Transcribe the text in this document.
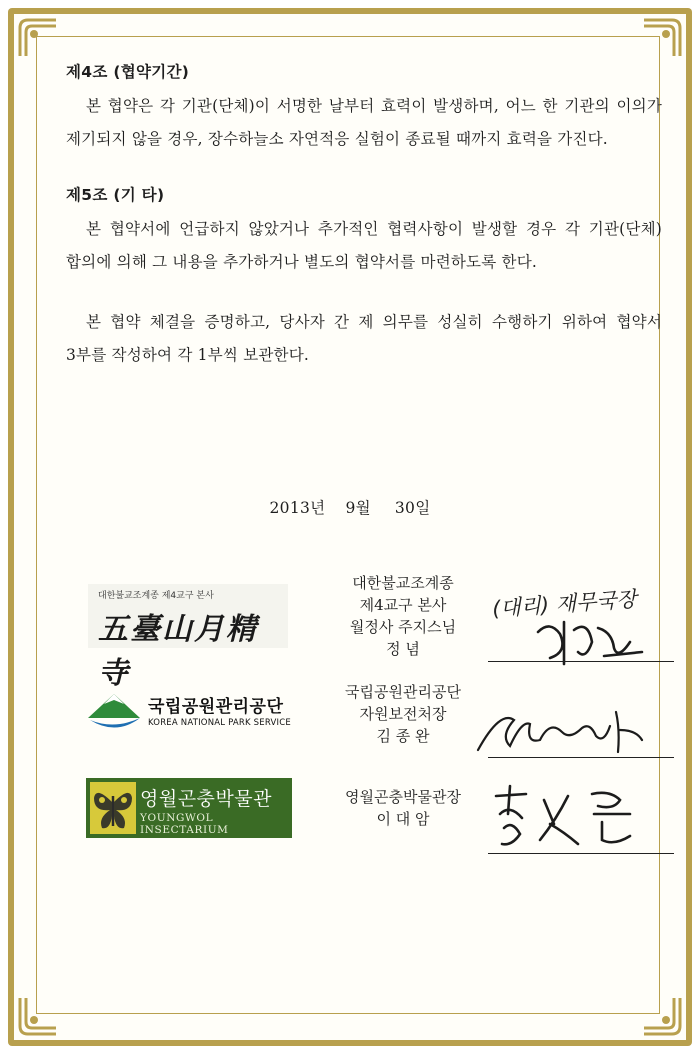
제4조 (협약기간)

본 협약은 각 기관(단체)이 서명한 날부터 효력이 발생하며, 어느 한 기관의 이의가 제기되지 않을 경우, 장수하늘소 자연적응 실험이 종료될 때까지 효력을 가진다.

제5조 (기 타)

본 협약서에 언급하지 않았거나 추가적인 협력사항이 발생할 경우 각 기관(단체) 합의에 의해 그 내용을 추가하거나 별도의 협약서를 마련하도록 한다.

본 협약 체결을 증명하고, 당사자 간 제 의무를 성실히 수행하기 위하여 협약서 3부를 작성하여 각 1부씩 보관한다.

2013년 9월 30일
대한불교조계종 제4교구 본사
五臺山月精寺
대한불교조계종
제4교구 본사
월정사 주지스님
정 념
(대리) 재무국장
국립공원관리공단
KOREA NATIONAL PARK SERVICE
국립공원관리공단
자원보전처장
김 종 완
영월곤충박물관
YOUNGWOL INSECTARIUM
영월곤충박물관장
이 대 암
